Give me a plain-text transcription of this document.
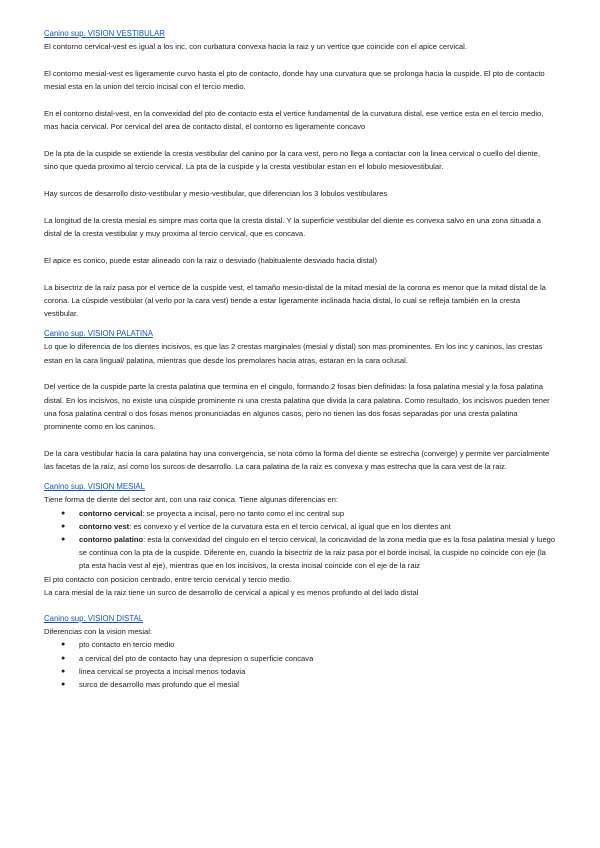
Canino sup. VISION VESTIBULAR

El contorno cervical-vest es igual a los inc, con curbatura convexa hacia la raiz y un vertice que coincide con el apice cervical.

El contorno mesial-vest es ligeramente curvo hasta el pto de contacto, donde hay una curvatura que se prolonga hacia la cuspide. El pto de contacto mesial esta en la union del tercio incisal con el tercio medio.

En el contorno distal-vest, en la convexidad del pto de contacto esta el vertice fundamental de la curvatura distal, ese vertice esta en el tercio medio, mas hacia cervical. Por cervical del area de contacto distal, el contorno es ligeramente concavo

De la pta de la cuspide se extiende la cresta vestibular del canino por la cara vest, pero no llega a contactar con la linea cervical o cuello del diente, sino que queda proximo al tercio cervical. La pta de la cuspide y la cresta vestibular estan en el lobulo mesiovestibular.

Hay surcos de desarrollo disto-vestibular y mesio-vestibular, que diferencian los 3 lobulos vestibulares

La longitud de la cresta mesial es simpre mas corta que la cresta distal. Y la superficie vestibular del diente es convexa salvo en una zona situada a distal de la cresta vestibular y muy proxima al tercio cervical, que es concava.

El apice es conico, puede estar alineado con la raiz o desviado (habitualente desviado hacia distal)

La bisectriz de la raíz pasa por el vertice de la cuspide vest, el tamaño mesio-distal de la mitad mesial de la corona es menor que la mitad distal de la corona. La cúspide vestibular (al verlo por la cara vest) tiende a estar ligeramente inclinada hacia distal, lo cual se refleja también en la cresta vestibular.

Canino sup. VISION PALATINA

Lo que lo diferencia de los dientes incisivos, es que las 2 crestas marginales (mesial y distal) son mas prominentes. En los inc y caninos, las crestas estan en la cara lingual/ palatina, mientras que desde los premolares hacia atras, estaran en la cara oclusal.

Del vertice de la cuspide parte la cresta palatina que termina en el cingulo, formando 2 fosas bien definidas: la fosa palatina mesial y la fosa palatina distal. En los incisivos, no existe una cúspide prominente ni una cresta palatina que divida la cara palatina. Como resultado, los incisivos pueden tener una fosa palatina central o dos fosas menos pronunciadas en algunos casos, pero no tienen las dos fosas separadas por una cresta palatina prominente como en los caninos.

De la cara vestibular hacia la cara palatina hay una convergencia, se nota cómo la forma del diente se estrecha (converge) y permite ver parcialmente las facetas de la raíz, así como los surcos de desarrollo. La cara palatina de la raiz es convexa y mas estrecha que la cara vest de la raiz.

Canino sup. VISION MESIAL

Tiene forma de diente del sector ant, con una raiz conica. Tiene algunas diferencias en:

● contorno cervical: se proyecta a incisal, pero no tanto como el inc central sup
● contorno vest: es convexo y el vertice de la curvatura esta en el tercio cervical, al igual que en los dientes ant
● contorno palatino: esta la convexidad del cingulo en el tercio cervical, la concavidad de la zona media que es la fosa palatina mesial y luego se continua con la pta de la cuspide. Diferente en, cuando la bisectriz de la raiz pasa por el borde incisal, la cuspide no coincide con eje (la pta esta hacia vest al eje), mientras que en los incisivos, la cresta incisal coincide con el eje de la raiz

El pto contacto con posicion centrado, entre tercio cervical y tercio medio.

La cara mesial de la raiz tiene un surco de desarrollo de cervical a apical y es menos profundo al del lado distal

Canino sup. VISION DISTAL

Diferencias con la vision mesial:

● pto contacto en tercio medio
● a cervical del pto de contacto hay una depresion o superficie concava
● linea cervical se proyecta a incisal menos todavia
● surco de desarrollo mas profundo que el mesial
